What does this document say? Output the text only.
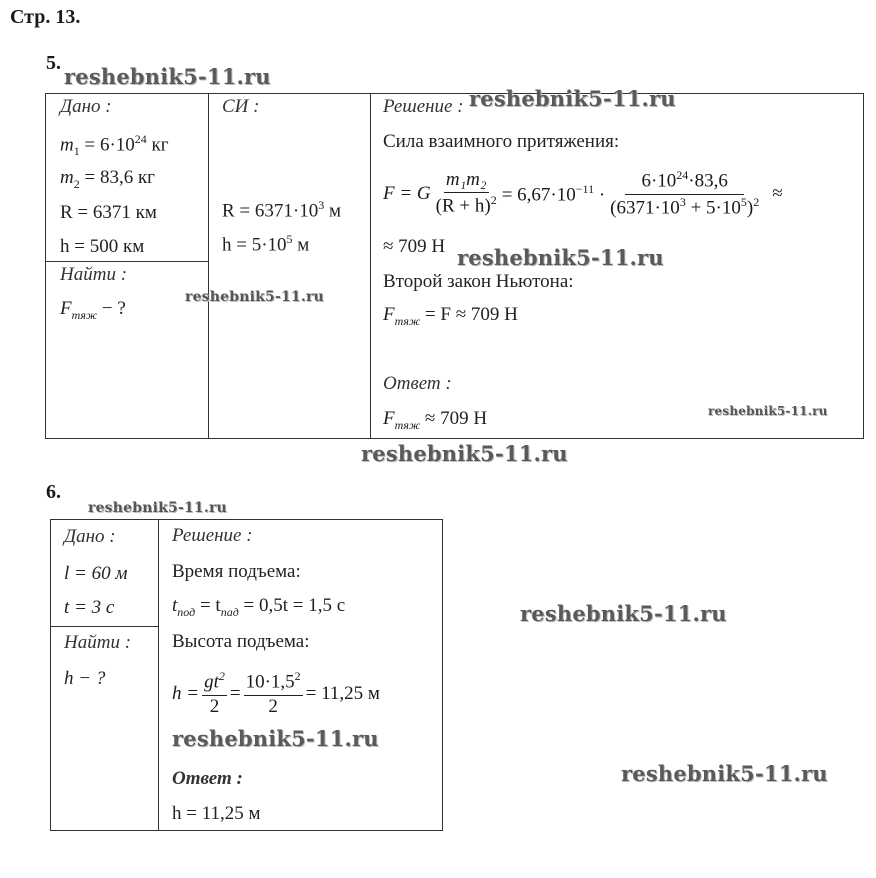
Стр. 13.
5.
Дано :
$m_1 = 6\cdot 10^{24}$ кг
$m_2 = 83,6$ кг
R = 6371 км
h = 500 км
СИ :
$R = 6371\cdot 10^3$ м
$h = 5\cdot 10^5$ м
Найти :
$F_{тяж}$ − ?
Решение :
Сила взаимного притяжения:
F = G $\frac{\text{m₁m₂}}{(R + h)^2} = 6,67\cdot 10^{-11} \cdot \frac{6\cdot 10^{24}\cdot 83,6}{(6371\cdot 10^3 + 5\cdot 10^5)^2}$ ≈
≈ 709 Н
Второй закон Ньютона:
$F_{тяж} = F \approx 709$ Н
Ответ :
$F_{тяж} \approx 709$ Н
6.
Дано :
l = 60 м
t = 3 с
Найти :
h − ?
Решение :
Время подъема:
$t_{под} = t_{пад} = 0,5t = 1,5$ с
Высота подъема:
$h = \frac{gt^2}{2} = \frac{10\cdot 1,5^2}{2} = 11,25$ м
Ответ :
h = 11,25 м
reshebnik5-11.ru
reshebnik5-11.ru
reshebnik5-11.ru
reshebnik5-11.ru
reshebnik5-11.ru
reshebnik5-11.ru
reshebnik5-11.ru
reshebnik5-11.ru
reshebnik5-11.ru
reshebnik5-11.ru
